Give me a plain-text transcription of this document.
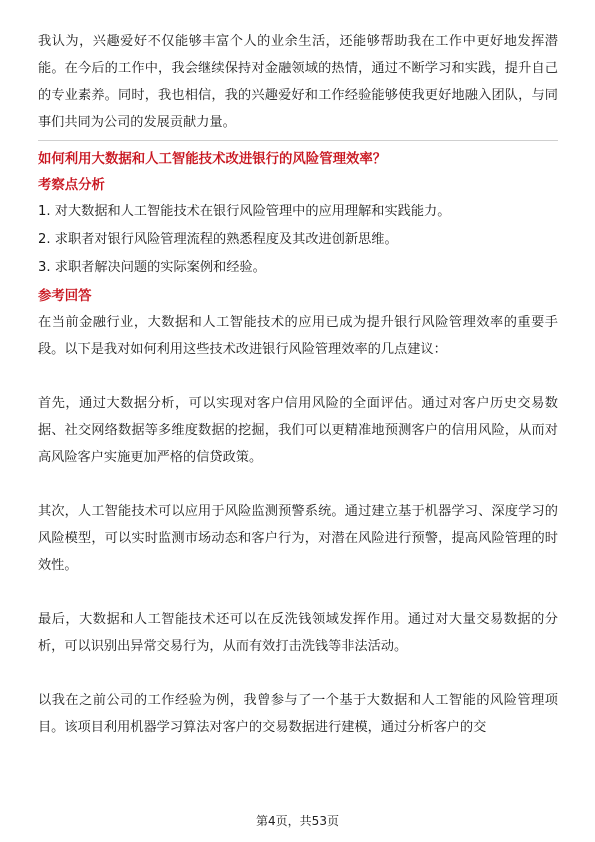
我认为，兴趣爱好不仅能够丰富个人的业余生活，还能够帮助我在工作中更好地发挥潜能。在今后的工作中，我会继续保持对金融领域的热情，通过不断学习和实践，提升自己的专业素养。同时，我也相信，我的兴趣爱好和工作经验能够使我更好地融入团队，与同事们共同为公司的发展贡献力量。

如何利用大数据和人工智能技术改进银行的风险管理效率？

考察点分析

1. 对大数据和人工智能技术在银行风险管理中的应用理解和实践能力。

2. 求职者对银行风险管理流程的熟悉程度及其改进创新思维。

3. 求职者解决问题的实际案例和经验。

参考回答

在当前金融行业，大数据和人工智能技术的应用已成为提升银行风险管理效率的重要手段。以下是我对如何利用这些技术改进银行风险管理效率的几点建议：

首先，通过大数据分析，可以实现对客户信用风险的全面评估。通过对客户历史交易数据、社交网络数据等多维度数据的挖掘，我们可以更精准地预测客户的信用风险，从而对高风险客户实施更加严格的信贷政策。

其次，人工智能技术可以应用于风险监测预警系统。通过建立基于机器学习、深度学习的风险模型，可以实时监测市场动态和客户行为，对潜在风险进行预警，提高风险管理的时效性。

最后，大数据和人工智能技术还可以在反洗钱领域发挥作用。通过对大量交易数据的分析，可以识别出异常交易行为，从而有效打击洗钱等非法活动。

以我在之前公司的工作经验为例，我曾参与了一个基于大数据和人工智能的风险管理项目。该项目利用机器学习算法对客户的交易数据进行建模，通过分析客户的交

第4页，共53页
